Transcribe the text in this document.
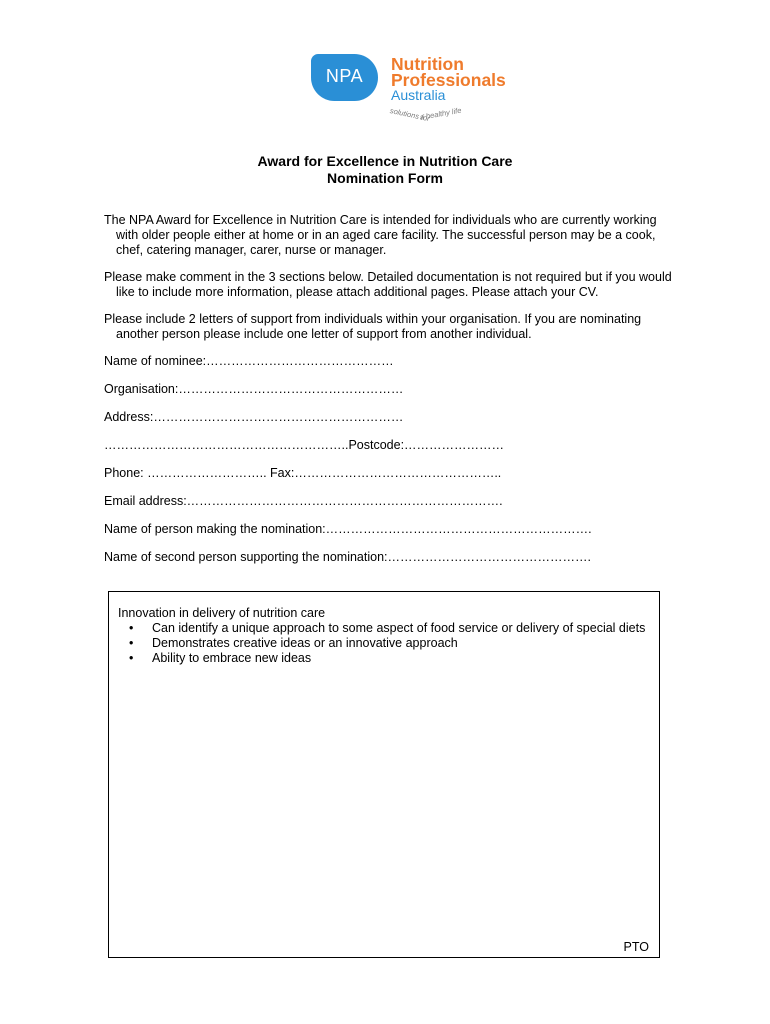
NPA
Nutrition
Professionals
Australia
solutions for
a healthy life
Award for Excellence in Nutrition Care
Nomination Form
The NPA Award for Excellence in Nutrition Care is intended for individuals who are currently working with older people either at home or in an aged care facility. The successful person may be a cook, chef, catering manager, carer, nurse or manager.
Please make comment in the 3 sections below. Detailed documentation is not required but if you would like to include more information, please attach additional pages. Please attach your CV.
Please include 2 letters of support from individuals within your organisation. If you are nominating another person please include one letter of support from another individual.
Name of nominee:………………………………………
Organisation:………………………………………………
Address:……………………………………………………
…………………………………………………..Postcode:……………………
Phone: ……………………….. Fax:…………………………………………..
Email address:………………………………………………………………….
Name of person making the nomination:……………………………………………………….
Name of second person supporting the nomination:………………………………………….
Innovation in delivery of nutrition care
• Can identify a unique approach to some aspect of food service or delivery of special diets
• Demonstrates creative ideas or an innovative approach
• Ability to embrace new ideas
PTO
